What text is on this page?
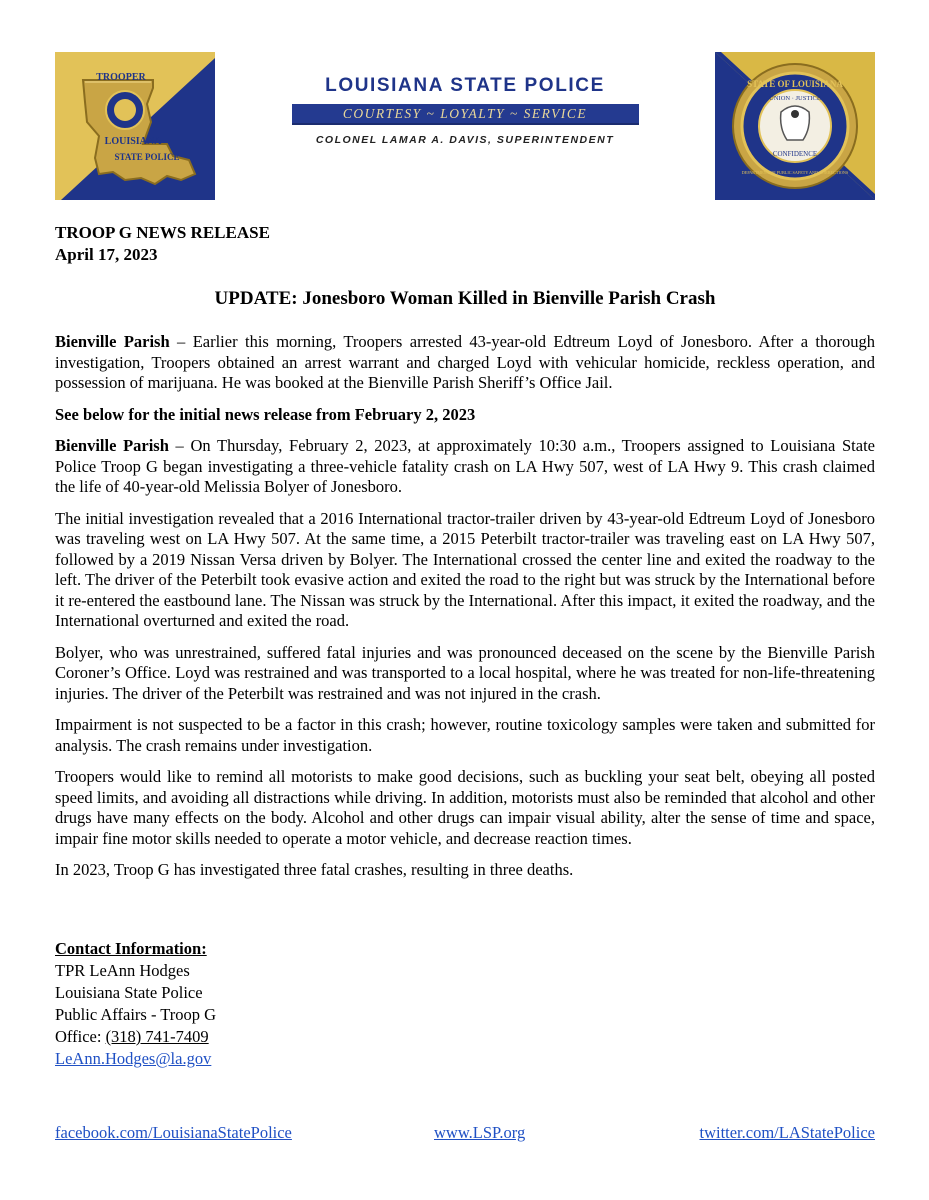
TROOPER
LOUISIANA
STATE POLICE
LOUISIANA STATE POLICE
COURTESY ~ LOYALTY ~ SERVICE
COLONEL LAMAR A. DAVIS, SUPERINTENDENT
STATE OF LOUISIANA
UNION · JUSTICE
CONFIDENCE
DEPARTMENT OF PUBLIC SAFETY AND CORRECTIONS
TROOP G NEWS RELEASE
April 17, 2023
UPDATE: Jonesboro Woman Killed in Bienville Parish Crash

Bienville Parish – Earlier this morning, Troopers arrested 43-year-old Edtreum Loyd of Jonesboro. After a thorough investigation, Troopers obtained an arrest warrant and charged Loyd with vehicular homicide, reckless operation, and possession of marijuana. He was booked at the Bienville Parish Sheriff’s Office Jail.

See below for the initial news release from February 2, 2023

Bienville Parish – On Thursday, February 2, 2023, at approximately 10:30 a.m., Troopers assigned to Louisiana State Police Troop G began investigating a three-vehicle fatality crash on LA Hwy 507, west of LA Hwy 9. This crash claimed the life of 40-year-old Melissia Bolyer of Jonesboro.

The initial investigation revealed that a 2016 International tractor-trailer driven by 43-year-old Edtreum Loyd of Jonesboro was traveling west on LA Hwy 507. At the same time, a 2015 Peterbilt tractor-trailer was traveling east on LA Hwy 507, followed by a 2019 Nissan Versa driven by Bolyer. The International crossed the center line and exited the roadway to the left. The driver of the Peterbilt took evasive action and exited the road to the right but was struck by the International before it re-entered the eastbound lane. The Nissan was struck by the International. After this impact, it exited the roadway, and the International overturned and exited the road.

Bolyer, who was unrestrained, suffered fatal injuries and was pronounced deceased on the scene by the Bienville Parish Coroner’s Office. Loyd was restrained and was transported to a local hospital, where he was treated for non-life-threatening injuries. The driver of the Peterbilt was restrained and was not injured in the crash.

Impairment is not suspected to be a factor in this crash; however, routine toxicology samples were taken and submitted for analysis. The crash remains under investigation.

Troopers would like to remind all motorists to make good decisions, such as buckling your seat belt, obeying all posted speed limits, and avoiding all distractions while driving. In addition, motorists must also be reminded that alcohol and other drugs have many effects on the body. Alcohol and other drugs can impair visual ability, alter the sense of time and space, impair fine motor skills needed to operate a motor vehicle, and decrease reaction times.

In 2023, Troop G has investigated three fatal crashes, resulting in three deaths.

Contact Information:
TPR LeAnn Hodges
Louisiana State Police
Public Affairs - Troop G
Office: (318) 741-7409
LeAnn.Hodges@la.gov
facebook.com/LouisianaStatePolice	www.LSP.org	twitter.com/LAStatePolice
